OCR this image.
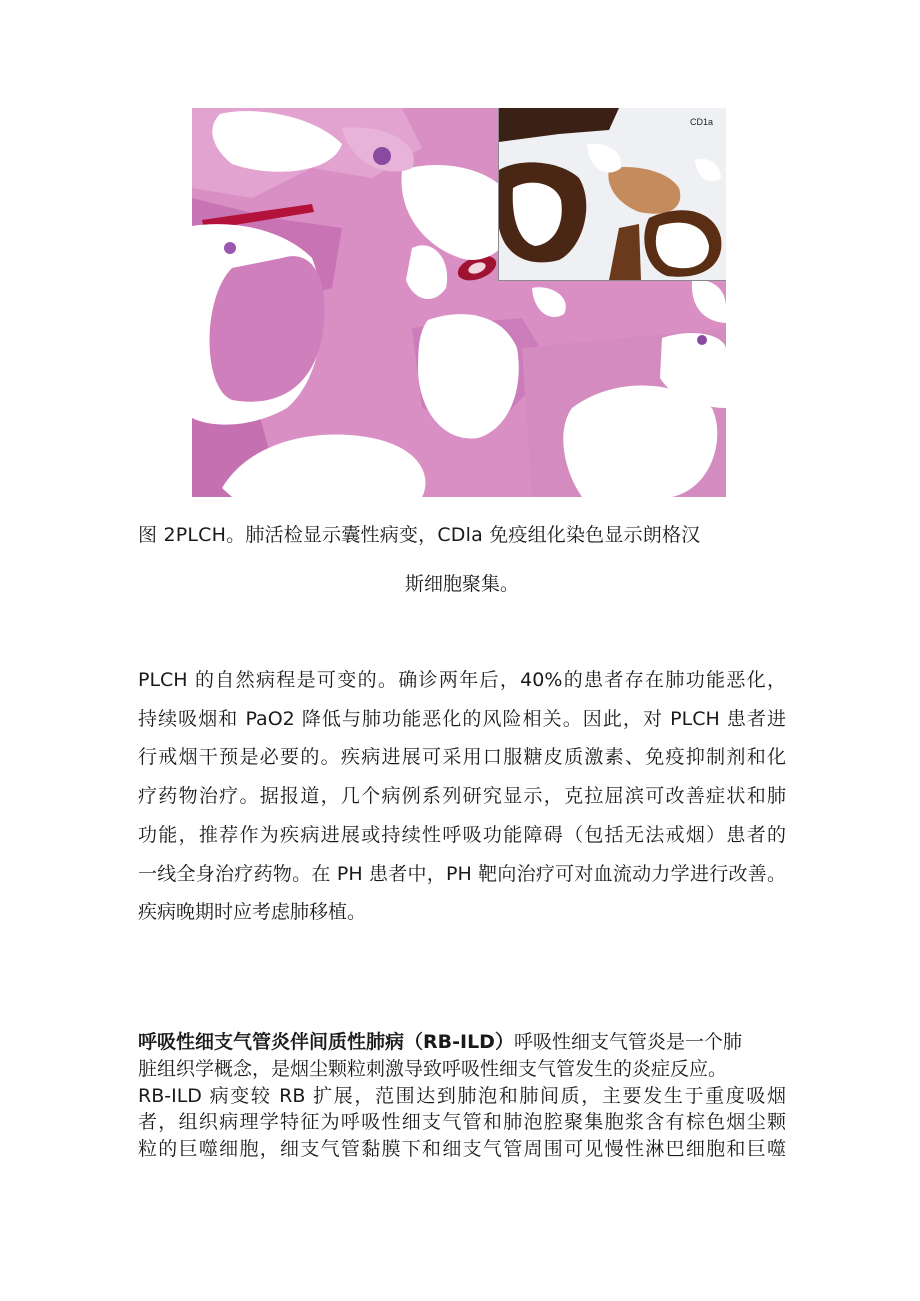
CD1a
图 2PLCH。肺活检显示囊性病变，CDla 免疫组化染色显示朗格汉
斯细胞聚集。
PLCH 的自然病程是可变的。确诊两年后，40%的患者存在肺功能恶化，
持续吸烟和 PaO2 降低与肺功能恶化的风险相关。因此，对 PLCH 患者进
行戒烟干预是必要的。疾病进展可采用口服糖皮质激素、免疫抑制剂和化
疗药物治疗。据报道，几个病例系列研究显示，克拉屈滨可改善症状和肺
功能，推荐作为疾病进展或持续性呼吸功能障碍（包括无法戒烟）患者的
一线全身治疗药物。在 PH 患者中，PH 靶向治疗可对血流动力学进行改善。
疾病晚期时应考虑肺移植。
呼吸性细支气管炎伴间质性肺病（RB-ILD）呼吸性细支气管炎是一个肺
脏组织学概念，是烟尘颗粒刺激导致呼吸性细支气管发生的炎症反应。
RB-ILD 病变较 RB 扩展，范围达到肺泡和肺间质，主要发生于重度吸烟
者，组织病理学特征为呼吸性细支气管和肺泡腔聚集胞浆含有棕色烟尘颗
粒的巨噬细胞，细支气管黏膜下和细支气管周围可见慢性淋巴细胞和巨噬
